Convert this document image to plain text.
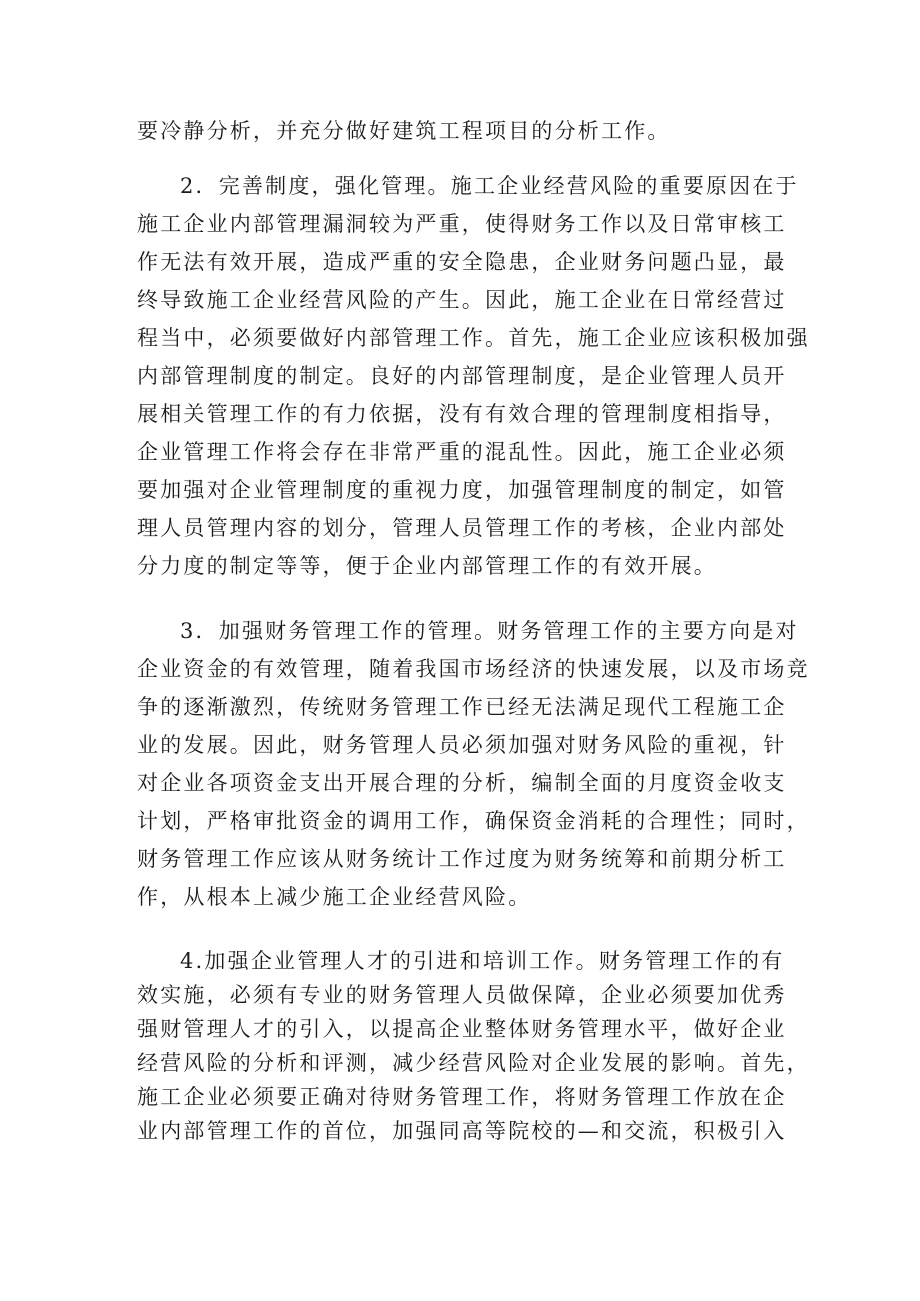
要冷静分析，并充分做好建筑工程项目的分析工作。
2．完善制度，强化管理。施工企业经营风险的重要原因在于
施工企业内部管理漏洞较为严重，使得财务工作以及日常审核工
作无法有效开展，造成严重的安全隐患，企业财务问题凸显，最
终导致施工企业经营风险的产生。因此，施工企业在日常经营过
程当中，必须要做好内部管理工作。首先，施工企业应该积极加强
内部管理制度的制定。良好的内部管理制度，是企业管理人员开
展相关管理工作的有力依据，没有有效合理的管理制度相指导，
企业管理工作将会存在非常严重的混乱性。因此，施工企业必须
要加强对企业管理制度的重视力度，加强管理制度的制定，如管
理人员管理内容的划分，管理人员管理工作的考核，企业内部处
分力度的制定等等，便于企业内部管理工作的有效开展。
3．加强财务管理工作的管理。财务管理工作的主要方向是对
企业资金的有效管理，随着我国市场经济的快速发展，以及市场竞
争的逐渐激烈，传统财务管理工作已经无法满足现代工程施工企
业的发展。因此，财务管理人员必须加强对财务风险的重视，针
对企业各项资金支出开展合理的分析，编制全面的月度资金收支
计划，严格审批资金的调用工作，确保资金消耗的合理性；同时，
财务管理工作应该从财务统计工作过度为财务统筹和前期分析工
作，从根本上减少施工企业经营风险。
4.加强企业管理人才的引进和培训工作。财务管理工作的有
效实施，必须有专业的财务管理人员做保障，企业必须要加优秀
强财管理人才的引入，以提高企业整体财务管理水平，做好企业
经营风险的分析和评测，减少经营风险对企业发展的影响。首先，
施工企业必须要正确对待财务管理工作，将财务管理工作放在企
业内部管理工作的首位，加强同高等院校的—和交流，积极引入
